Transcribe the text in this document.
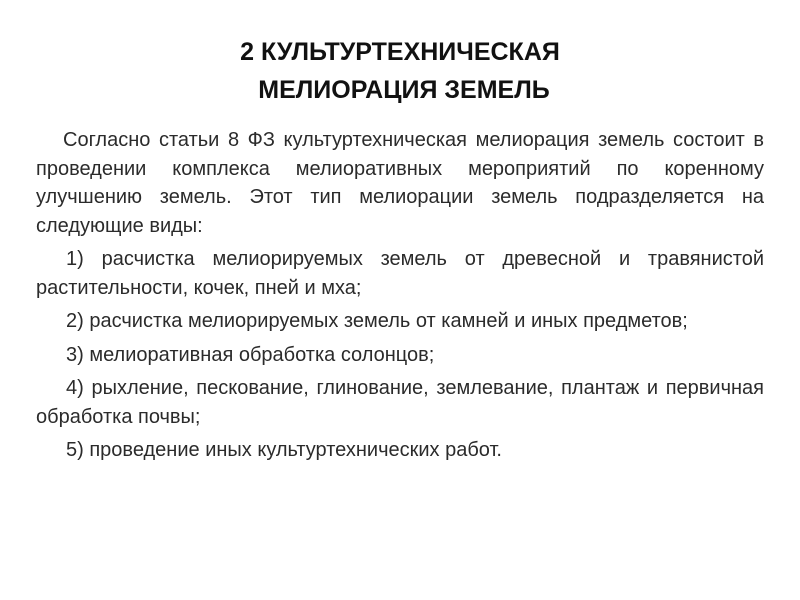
2 КУЛЬТУРТЕХНИЧЕСКАЯ
МЕЛИОРАЦИЯ ЗЕМЕЛЬ

Согласно статьи 8 ФЗ культуртехническая мелиорация земель состоит в проведении комплекса мелиоративных мероприятий по коренному улучшению земель. Этот тип мелиорации земель подразделяется на следующие виды:

1) расчистка мелиорируемых земель от древесной и травянистой растительности, кочек, пней и мха;

2) расчистка мелиорируемых земель от камней и иных предметов;

3) мелиоративная обработка солонцов;

4) рыхление, пескование, глинование, землевание, плантаж и первичная обработка почвы;

5) проведение иных культуртехнических работ.
